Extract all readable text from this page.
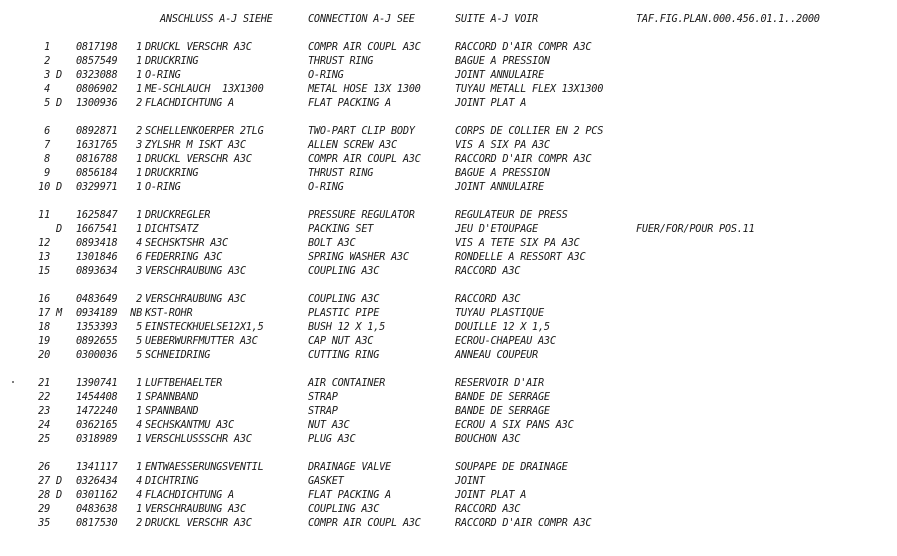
ANSCHLUSS A-J SIEHE	CONNECTION A-J SEE	SUITE A-J VOIR	TAF.FIG.PLAN.000.456.01.1..2000
1 0817198	1 DRUCKL VERSCHR A3C	COMPR AIR COUPL A3C	RACCORD D'AIR COMPR A3C
2 0857549	1 DRUCKRING	THRUST RING	BAGUE A PRESSION
3 D 0323088	1 O-RING	O-RING	JOINT ANNULAIRE
4 0806902	1 ME-SCHLAUCH  13X1300	METAL HOSE 13X 1300	TUYAU METALL FLEX 13X1300
5 D 1300936	2 FLACHDICHTUNG A	FLAT PACKING A	JOINT PLAT A
6 0892871	2 SCHELLENKOERPER 2TLG	TWO-PART CLIP BODY	CORPS DE COLLIER EN 2 PCS
7 1631765	3 ZYLSHR M ISKT A3C	ALLEN SCREW A3C	VIS A SIX PA A3C
8 0816788	1 DRUCKL VERSCHR A3C	COMPR AIR COUPL A3C	RACCORD D'AIR COMPR A3C
9 0856184	1 DRUCKRING	THRUST RING	BAGUE A PRESSION
10 D 0329971	1 O-RING	O-RING	JOINT ANNULAIRE
11 1625847	1 DRUCKREGLER	PRESSURE REGULATOR	REGULATEUR DE PRESS
D 1667541	1 DICHTSATZ	PACKING SET	JEU D'ETOUPAGE	FUER/FOR/POUR POS.11
12 0893418	4 SECHSKTSHR A3C	BOLT A3C	VIS A TETE SIX PA A3C
13 1301846	6 FEDERRING A3C	SPRING WASHER A3C	RONDELLE A RESSORT A3C
15 0893634	3 VERSCHRAUBUNG A3C	COUPLING A3C	RACCORD A3C
16 0483649	2 VERSCHRAUBUNG A3C	COUPLING A3C	RACCORD A3C
17 M 0934189	NB KST-ROHR	PLASTIC PIPE	TUYAU PLASTIQUE
18 1353393	5 EINSTECKHUELSE12X1,5	BUSH 12 X 1,5	DOUILLE 12 X 1,5
19 0892655	5 UEBERWURFMUTTER A3C	CAP NUT A3C	ECROU-CHAPEAU A3C
20 0300036	5 SCHNEIDRING	CUTTING RING	ANNEAU COUPEUR
21 1390741	1 LUFTBEHAELTER	AIR CONTAINER	RESERVOIR D'AIR
22 1454408	1 SPANNBAND	STRAP	BANDE DE SERRAGE
23 1472240	1 SPANNBAND	STRAP	BANDE DE SERRAGE
24 0362165	4 SECHSKANTMU A3C	NUT A3C	ECROU A SIX PANS A3C
25 0318989	1 VERSCHLUSSSCHR A3C	PLUG A3C	BOUCHON A3C
26 1341117	1 ENTWAESSERUNGSVENTIL	DRAINAGE VALVE	SOUPAPE DE DRAINAGE
27 D 0326434	4 DICHTRING	GASKET	JOINT
28 D 0301162	4 FLACHDICHTUNG A	FLAT PACKING A	JOINT PLAT A
29 0483638	1 VERSCHRAUBUNG A3C	COUPLING A3C	RACCORD A3C
35 0817530	2 DRUCKL VERSCHR A3C	COMPR AIR COUPL A3C	RACCORD D'AIR COMPR A3C
